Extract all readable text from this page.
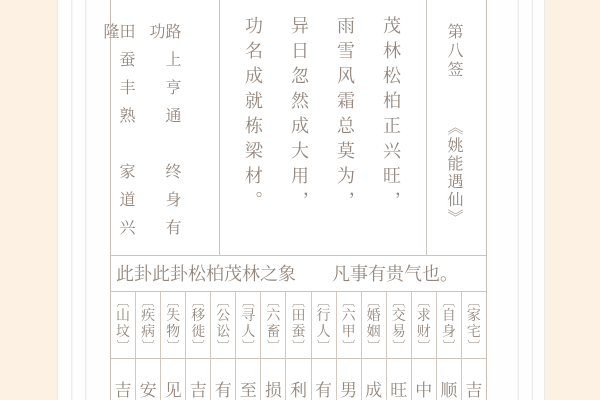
路上亨通　终身有功

田蚕丰熟　家道兴隆	茂林松柏正兴旺，

雨雪风霜总莫为，

异日忽然成大用，

功名成就栋梁材。	第八签

《姚能遇仙》

此卦此卦松柏茂林之象　　凡事有贵气也。
︹
山坟
︺
︹
疾病
︺
︹
失物
︺
︹
移徙
︺
︹
公讼
︺
︹
寻人
︺
︹
六畜
︺
︹
田蚕
︺
︹
行人
︺
︹
六甲
︺
︹
婚姻
︺
︹
交易
︺
︹
求财
︺
︹
自身
︺
︹
家宅
︺
吉 安 见 吉 有 至 损 利 有 男 成 旺 中 顺 吉
